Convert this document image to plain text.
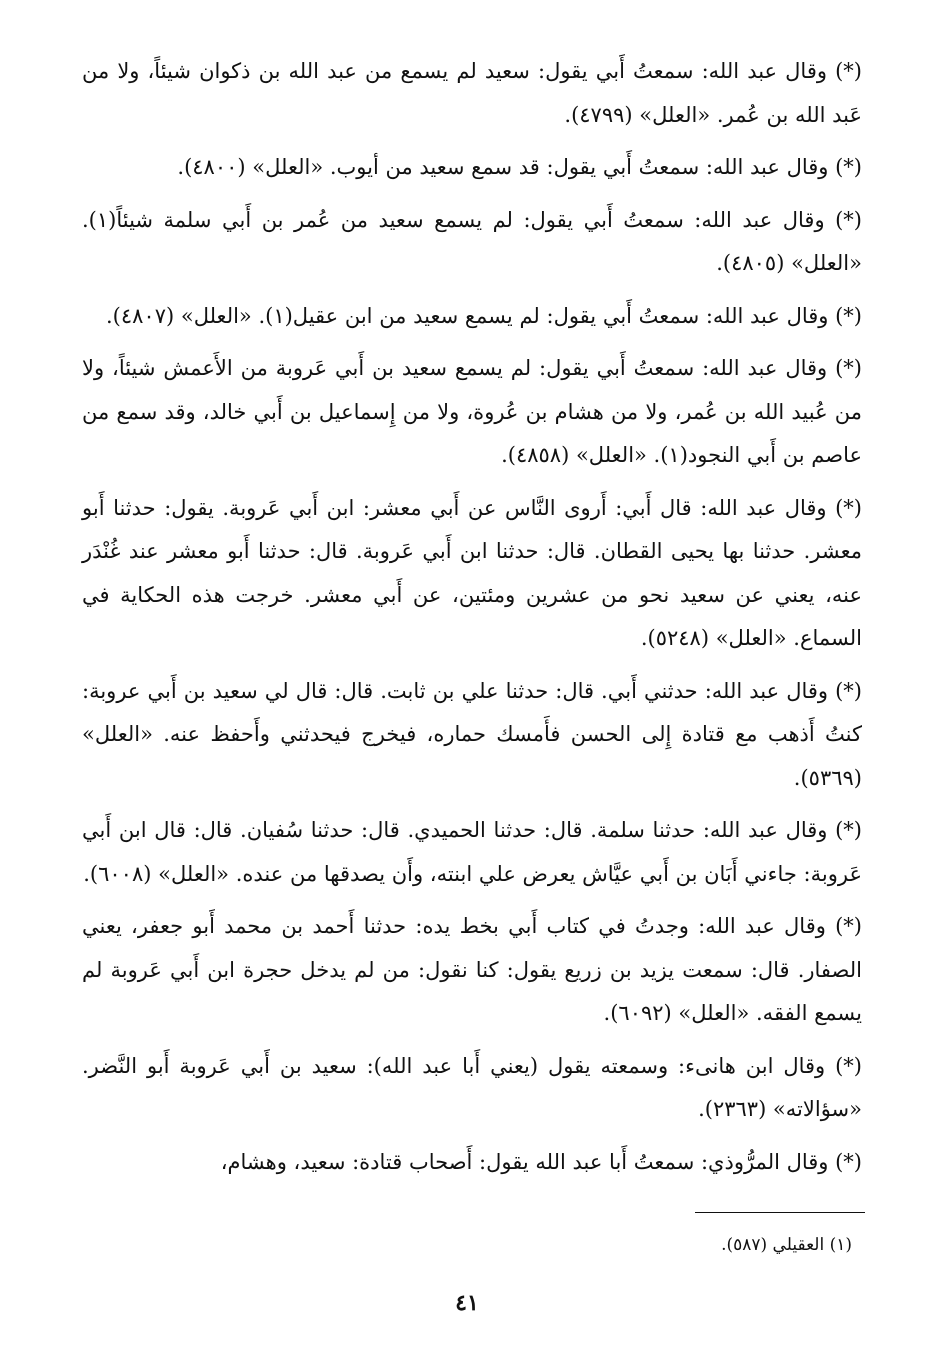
(*) وقال عبد الله: سمعتُ أَبي يقول: سعيد لم يسمع من عبد الله بن ذكوان شيئاً، ولا من عَبد الله بن عُمر. «العلل» (٤٧٩٩).

(*) وقال عبد الله: سمعتُ أَبي يقول: قد سمع سعيد من أيوب. «العلل» (٤٨٠٠).

(*) وقال عبد الله: سمعتُ أَبي يقول: لم يسمع سعيد من عُمر بن أَبي سلمة شيئاً(١). «العلل» (٤٨٠٥).

(*) وقال عبد الله: سمعتُ أَبي يقول: لم يسمع سعيد من ابن عقيل(١). «العلل» (٤٨٠٧).

(*) وقال عبد الله: سمعتُ أَبي يقول: لم يسمع سعيد بن أَبي عَروبة من الأَعمش شيئاً، ولا من عُبيد الله بن عُمر، ولا من هشام بن عُروة، ولا من إِسماعيل بن أَبي خالد، وقد سمع من عاصم بن أَبي النجود(١). «العلل» (٤٨٥٨).

(*) وقال عبد الله: قال أَبي: أَروى النَّاس عن أَبي معشر: ابن أَبي عَروبة. يقول: حدثنا أَبو معشر. حدثنا بها يحيى القطان. قال: حدثنا ابن أَبي عَروبة. قال: حدثنا أَبو معشر عند غُنْدَر عنه، يعني عن سعيد نحو من عشرين ومئتين، عن أَبي معشر. خرجت هذه الحكاية في السماع. «العلل» (٥٢٤٨).

(*) وقال عبد الله: حدثني أَبي. قال: حدثنا علي بن ثابت. قال: قال لي سعيد بن أَبي عروبة: كنتُ أَذهب مع قتادة إِلى الحسن فأَمسك حماره، فيخرج فيحدثني وأَحفظ عنه. «العلل» (٥٣٦٩).

(*) وقال عبد الله: حدثنا سلمة. قال: حدثنا الحميدي. قال: حدثنا سُفيان. قال: قال ابن أَبي عَروبة: جاءني أَبَان بن أَبي عيَّاش يعرض علي ابنته، وأَن يصدقها من عنده. «العلل» (٦٠٠٨).

(*) وقال عبد الله: وجدتُ في كتاب أَبي بخط يده: حدثنا أَحمد بن محمد أَبو جعفر، يعني الصفار. قال: سمعت يزيد بن زريع يقول: كنا نقول: من لم يدخل حجرة ابن أَبي عَروبة لم يسمع الفقه. «العلل» (٦٠٩٢).

(*) وقال ابن هانىء: وسمعته يقول (يعني أَبا عبد الله): سعيد بن أَبي عَروبة أَبو النَّضر. «سؤالاته» (٢٣٦٣).

(*) وقال المرُّوذي: سمعتُ أَبا عبد الله يقول: أَصحاب قتادة: سعيد، وهشام،

(١) العقيلي (٥٨٧).
٤١
